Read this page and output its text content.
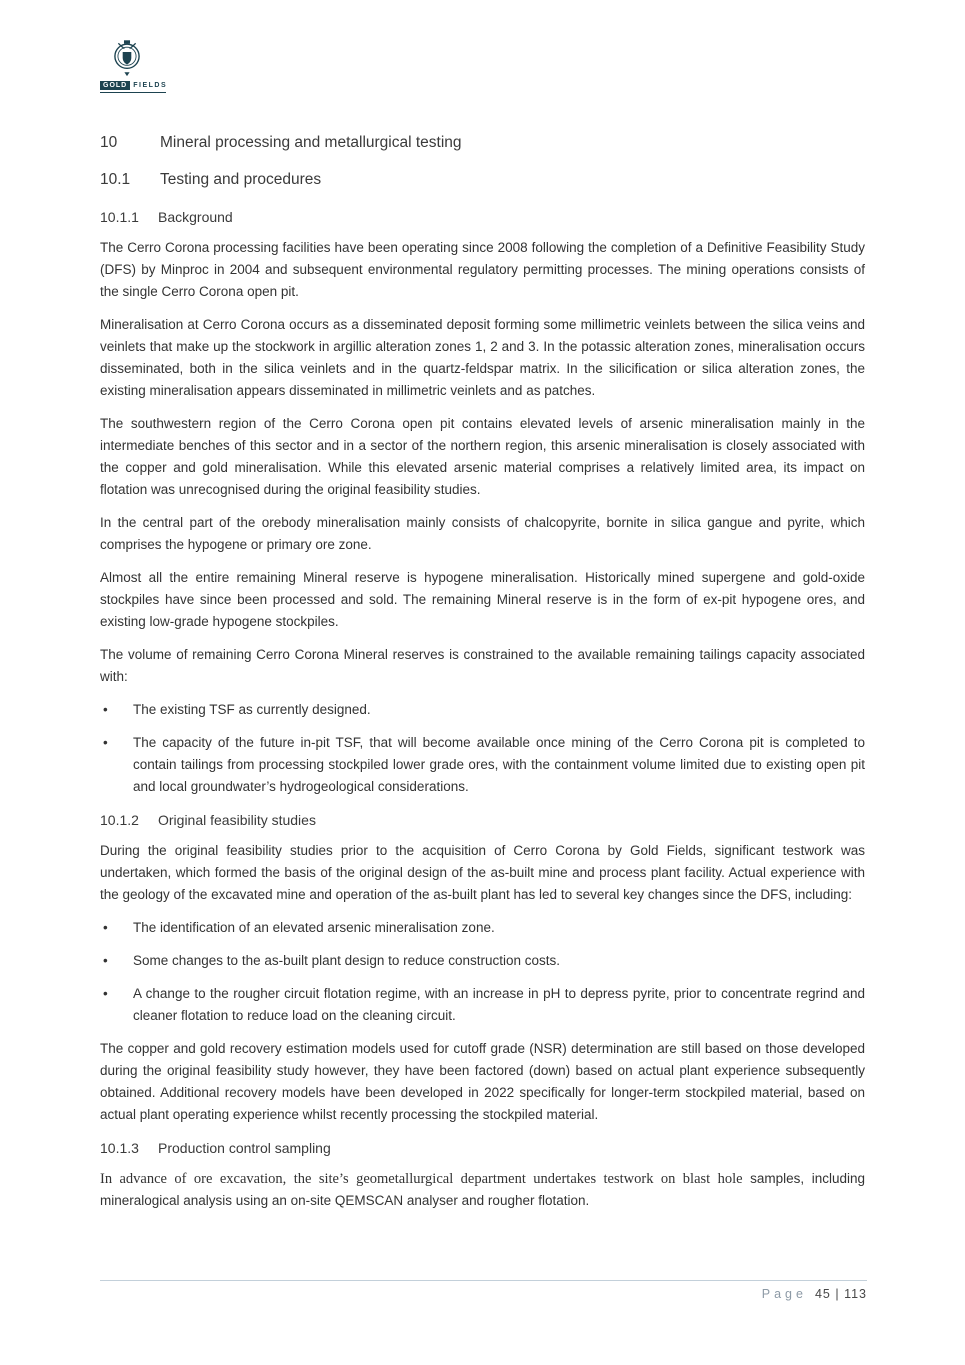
GOLD FIELDS
10	Mineral processing and metallurgical testing
10.1	Testing and procedures
10.1.1	Background

The Cerro Corona processing facilities have been operating since 2008 following the completion of a Definitive Feasibility Study (DFS) by Minproc in 2004 and subsequent environmental regulatory permitting processes. The mining operations consists of the single Cerro Corona open pit.

Mineralisation at Cerro Corona occurs as a disseminated deposit forming some millimetric veinlets between the silica veins and veinlets that make up the stockwork in argillic alteration zones 1, 2 and 3. In the potassic alteration zones, mineralisation occurs disseminated, both in the silica veinlets and in the quartz-feldspar matrix. In the silicification or silica alteration zones, the existing mineralisation appears disseminated in millimetric veinlets and as patches.

The southwestern region of the Cerro Corona open pit contains elevated levels of arsenic mineralisation mainly in the intermediate benches of this sector and in a sector of the northern region, this arsenic mineralisation is closely associated with the copper and gold mineralisation. While this elevated arsenic material comprises a relatively limited area, its impact on flotation was unrecognised during the original feasibility studies.

In the central part of the orebody mineralisation mainly consists of chalcopyrite, bornite in silica gangue and pyrite, which comprises the hypogene or primary ore zone.

Almost all the entire remaining Mineral reserve is hypogene mineralisation. Historically mined supergene and gold-oxide stockpiles have since been processed and sold. The remaining Mineral reserve is in the form of ex-pit hypogene ores, and existing low-grade hypogene stockpiles.

The volume of remaining Cerro Corona Mineral reserves is constrained to the available remaining tailings capacity associated with:

•	The existing TSF as currently designed.
•	The capacity of the future in-pit TSF, that will become available once mining of the Cerro Corona pit is completed to contain tailings from processing stockpiled lower grade ores, with the containment volume limited due to existing open pit and local groundwater’s hydrogeological considerations.
10.1.2	Original feasibility studies

During the original feasibility studies prior to the acquisition of Cerro Corona by Gold Fields, significant testwork was undertaken, which formed the basis of the original design of the as-built mine and process plant facility. Actual experience with the geology of the excavated mine and operation of the as-built plant has led to several key changes since the DFS, including:

•	The identification of an elevated arsenic mineralisation zone.
•	Some changes to the as-built plant design to reduce construction costs.
•	A change to the rougher circuit flotation regime, with an increase in pH to depress pyrite, prior to concentrate regrind and cleaner flotation to reduce load on the cleaning circuit.

The copper and gold recovery estimation models used for cutoff grade (NSR) determination are still based on those developed during the original feasibility study however, they have been factored (down) based on actual plant experience subsequently obtained. Additional recovery models have been developed in 2022 specifically for longer-term stockpiled material, based on actual plant operating experience whilst recently processing the stockpiled material.

10.1.3	Production control sampling

In advance of ore excavation, the site’s geometallurgical department undertakes testwork on blast hole samples, including mineralogical analysis using an on-site QEMSCAN analyser and rougher flotation.

Page 45 | 113
